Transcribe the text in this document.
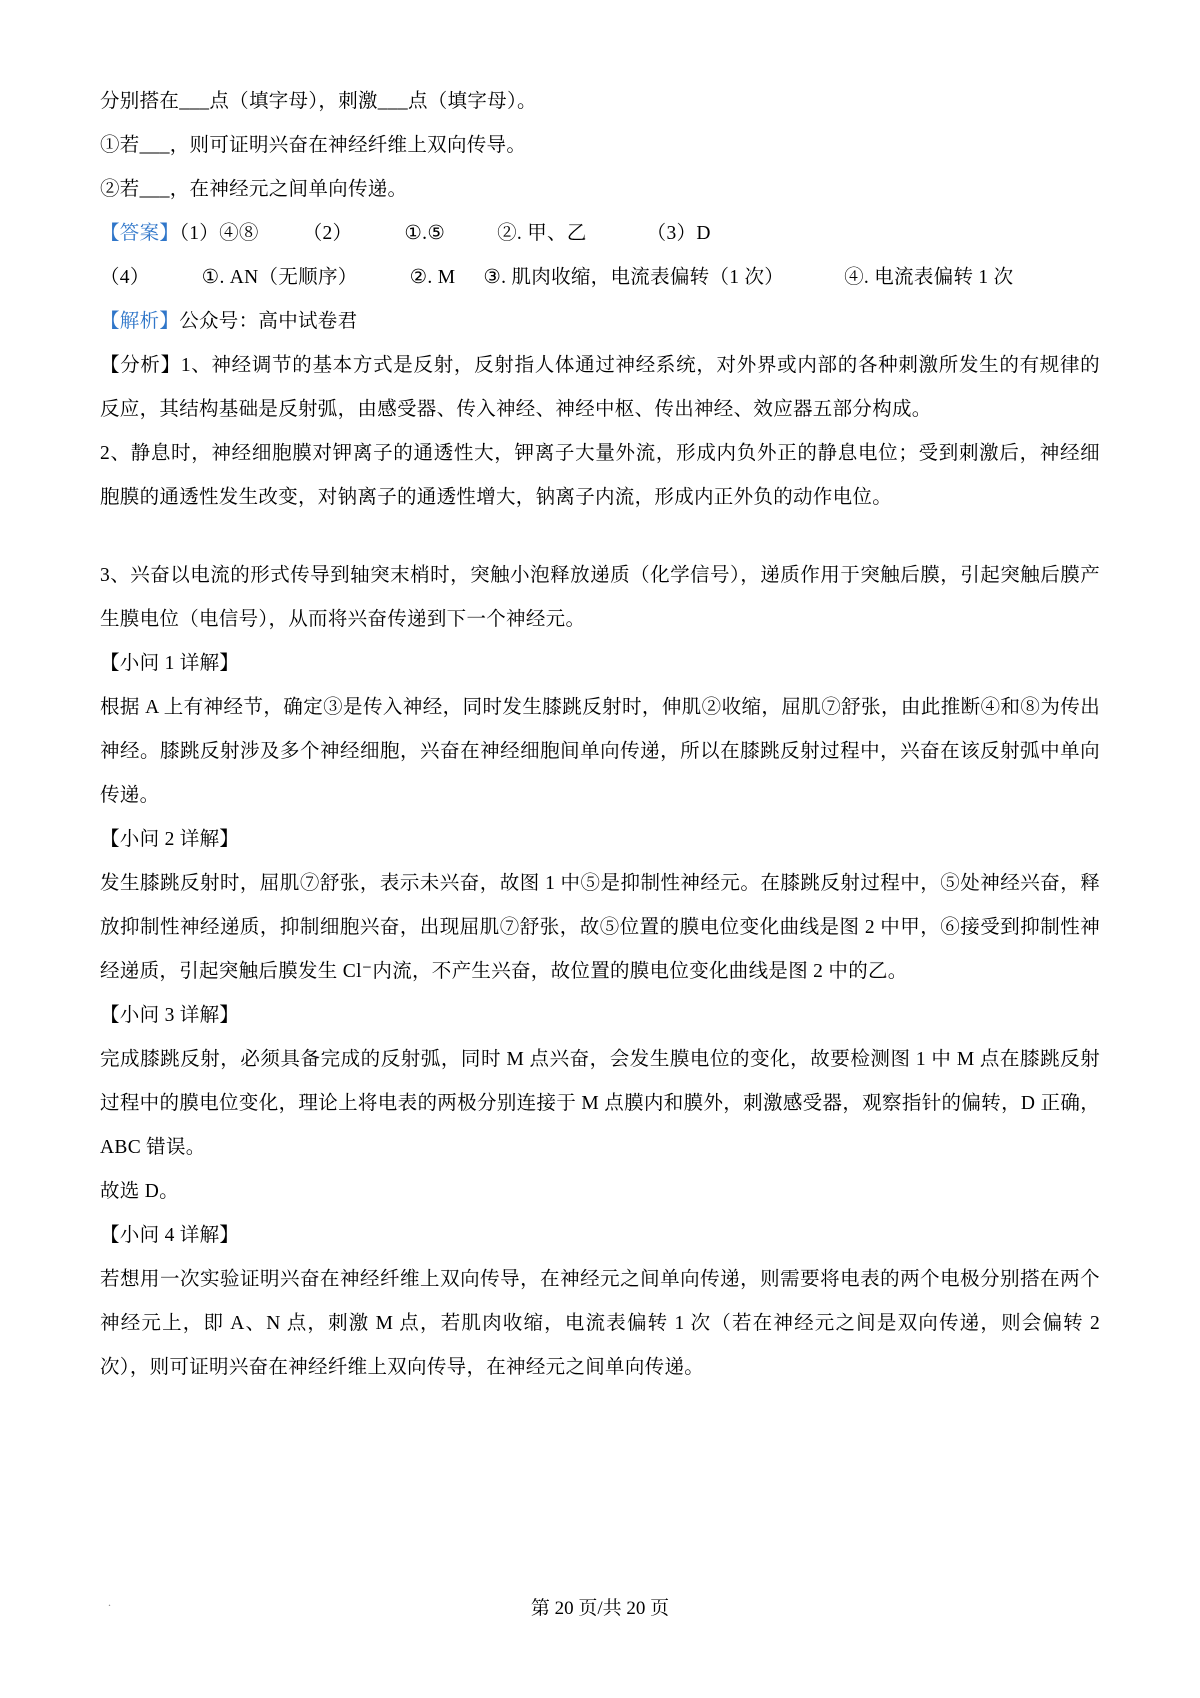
分别搭在___点（填字母），刺激___点（填字母）。

①若___，则可证明兴奋在神经纤维上双向传导。

②若___，在神经元之间单向传递。

【答案】（1）④⑧ （2）	①.⑤	②. 甲、乙	（3）D

（4）	①. AN（无顺序）	②. M ③. 肌肉收缩，电流表偏转（1 次）	④. 电流表偏转 1 次

【解析】公众号：高中试卷君

【分析】1、神经调节的基本方式是反射，反射指人体通过神经系统，对外界或内部的各种刺激所发生的有规律的反应，其结构基础是反射弧，由感受器、传入神经、神经中枢、传出神经、效应器五部分构成。

2、静息时，神经细胞膜对钾离子的通透性大，钾离子大量外流，形成内负外正的静息电位；受到刺激后，神经细胞膜的通透性发生改变，对钠离子的通透性增大，钠离子内流，形成内正外负的动作电位。

3、兴奋以电流的形式传导到轴突末梢时，突触小泡释放递质（化学信号），递质作用于突触后膜，引起突触后膜产生膜电位（电信号），从而将兴奋传递到下一个神经元。

【小问 1 详解】

根据 A 上有神经节，确定③是传入神经，同时发生膝跳反射时，伸肌②收缩，屈肌⑦舒张，由此推断④和⑧为传出神经。膝跳反射涉及多个神经细胞，兴奋在神经细胞间单向传递，所以在膝跳反射过程中，兴奋在该反射弧中单向传递。

【小问 2 详解】

发生膝跳反射时，屈肌⑦舒张，表示未兴奋，故图 1 中⑤是抑制性神经元。在膝跳反射过程中，⑤处神经兴奋，释放抑制性神经递质，抑制细胞兴奋，出现屈肌⑦舒张，故⑤位置的膜电位变化曲线是图 2 中甲，⑥接受到抑制性神经递质，引起突触后膜发生 Cl⁻内流，不产生兴奋，故位置的膜电位变化曲线是图 2 中的乙。

【小问 3 详解】

完成膝跳反射，必须具备完成的反射弧，同时 M 点兴奋，会发生膜电位的变化，故要检测图 1 中 M 点在膝跳反射过程中的膜电位变化，理论上将电表的两极分别连接于 M 点膜内和膜外，刺激感受器，观察指针的偏转，D 正确，ABC 错误。

故选 D。

【小问 4 详解】

若想用一次实验证明兴奋在神经纤维上双向传导，在神经元之间单向传递，则需要将电表的两个电极分别搭在两个神经元上，即 A、N 点，刺激 M 点，若肌肉收缩，电流表偏转 1 次（若在神经元之间是双向传递，则会偏转 2 次），则可证明兴奋在神经纤维上双向传导，在神经元之间单向传递。

.	第 20 页/共 20 页
